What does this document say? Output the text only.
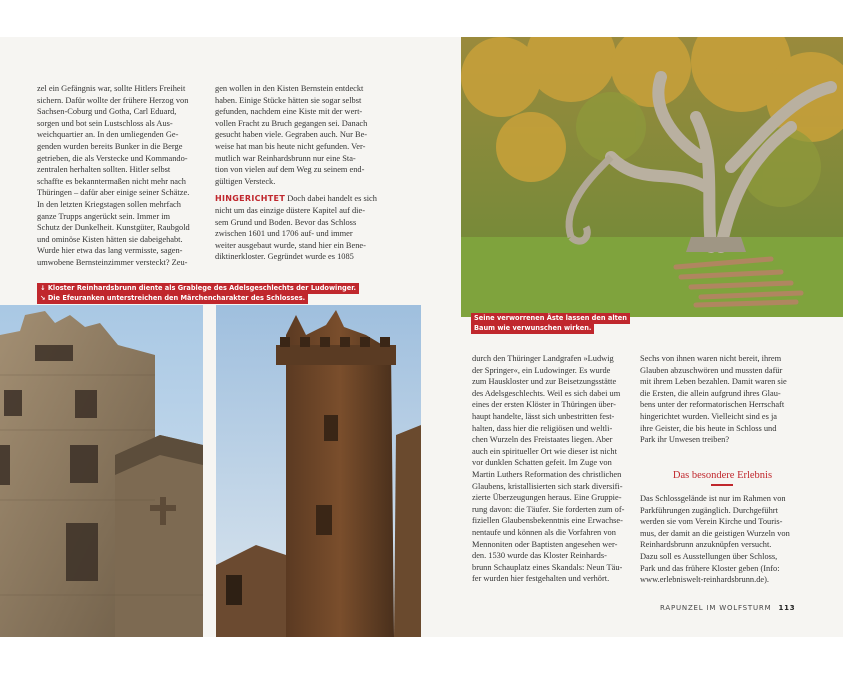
zel ein Gefängnis war, sollte Hitlers Freiheit
sichern. Dafür wollte der frühere Herzog von
Sachsen-Coburg und Gotha, Carl Eduard,
sorgen und bot sein Lustschloss als Aus-
weichquartier an. In den umliegenden Ge-
genden wurden bereits Bunker in die Berge
getrieben, die als Verstecke und Kommando-
zentralen herhalten sollten. Hitler selbst
schaffte es bekanntermaßen nicht mehr nach
Thüringen – dafür aber einige seiner Schätze.
In den letzten Kriegstagen sollen mehrfach
ganze Trupps angerückt sein. Immer im
Schutz der Dunkelheit. Kunstgüter, Raubgold
und ominöse Kisten hätten sie dabeigehabt.
Wurde hier etwa das lang vermisste, sagen-
umwobene Bernsteinzimmer versteckt? Zeu-

gen wollen in den Kisten Bernstein entdeckt
haben. Einige Stücke hätten sie sogar selbst
gefunden, nachdem eine Kiste mit der wert-
vollen Fracht zu Bruch gegangen sei. Danach
gesucht haben viele. Gegraben auch. Nur Be-
weise hat man bis heute nicht gefunden. Ver-
mutlich war Reinhardsbrunn nur eine Sta-
tion von vielen auf dem Weg zu seinem end-
gültigen Versteck.

HINGERICHTET Doch dabei handelt es sich
nicht um das einzige düstere Kapitel auf die-
sem Grund und Boden. Bevor das Schloss
zwischen 1601 und 1706 auf- und immer
weiter ausgebaut wurde, stand hier ein Bene-
diktinerkloster. Gegründet wurde es 1085

↓ Kloster Reinhardsbrunn diente als Grablege des Adelsgeschlechts der Ludowinger.
↘ Die Efeuranken unterstreichen den Märchencharakter des Schlosses.
Seine verworrenen Äste lassen den alten
Baum wie verwunschen wirken.

durch den Thüringer Landgrafen »Ludwig
der Springer«, ein Ludowinger. Es wurde
zum Hauskloster und zur Beisetzungsstätte
des Adelsgeschlechts. Weil es sich dabei um
eines der ersten Klöster in Thüringen über-
haupt handelte, lässt sich unbestritten fest-
halten, dass hier die religiösen und weltli-
chen Wurzeln des Freistaates liegen. Aber
auch ein spiritueller Ort wie dieser ist nicht
vor dunklen Schatten gefeit. Im Zuge von
Martin Luthers Reformation des christlichen
Glaubens, kristallisierten sich stark diversifi-
zierte Überzeugungen heraus. Eine Gruppie-
rung davon: die Täufer. Sie forderten zum of-
fiziellen Glaubensbekenntnis eine Erwachse-
nentaufe und können als die Vorfahren von
Mennoniten oder Baptisten angesehen wer-
den. 1530 wurde das Kloster Reinhards-
brunn Schauplatz eines Skandals: Neun Täu-
fer wurden hier festgehalten und verhört.

Sechs von ihnen waren nicht bereit, ihrem
Glauben abzuschwören und mussten dafür
mit ihrem Leben bezahlen. Damit waren sie
die Ersten, die allein aufgrund ihres Glau-
bens unter der reformatorischen Herrschaft
hingerichtet wurden. Vielleicht sind es ja
ihre Geister, die bis heute in Schloss und
Park ihr Unwesen treiben?

Das besondere Erlebnis

Das Schlossgelände ist nur im Rahmen von
Parkführungen zugänglich. Durchgeführt
werden sie vom Verein Kirche und Touris-
mus, der damit an die geistigen Wurzeln von
Reinhardsbrunn anzuknüpfen versucht.
Dazu soll es Ausstellungen über Schloss,
Park und das frühere Kloster geben (Info:
www.erlebniswelt-reinhardsbrunn.de).

RAPUNZEL IM WOLFSTURM 113
